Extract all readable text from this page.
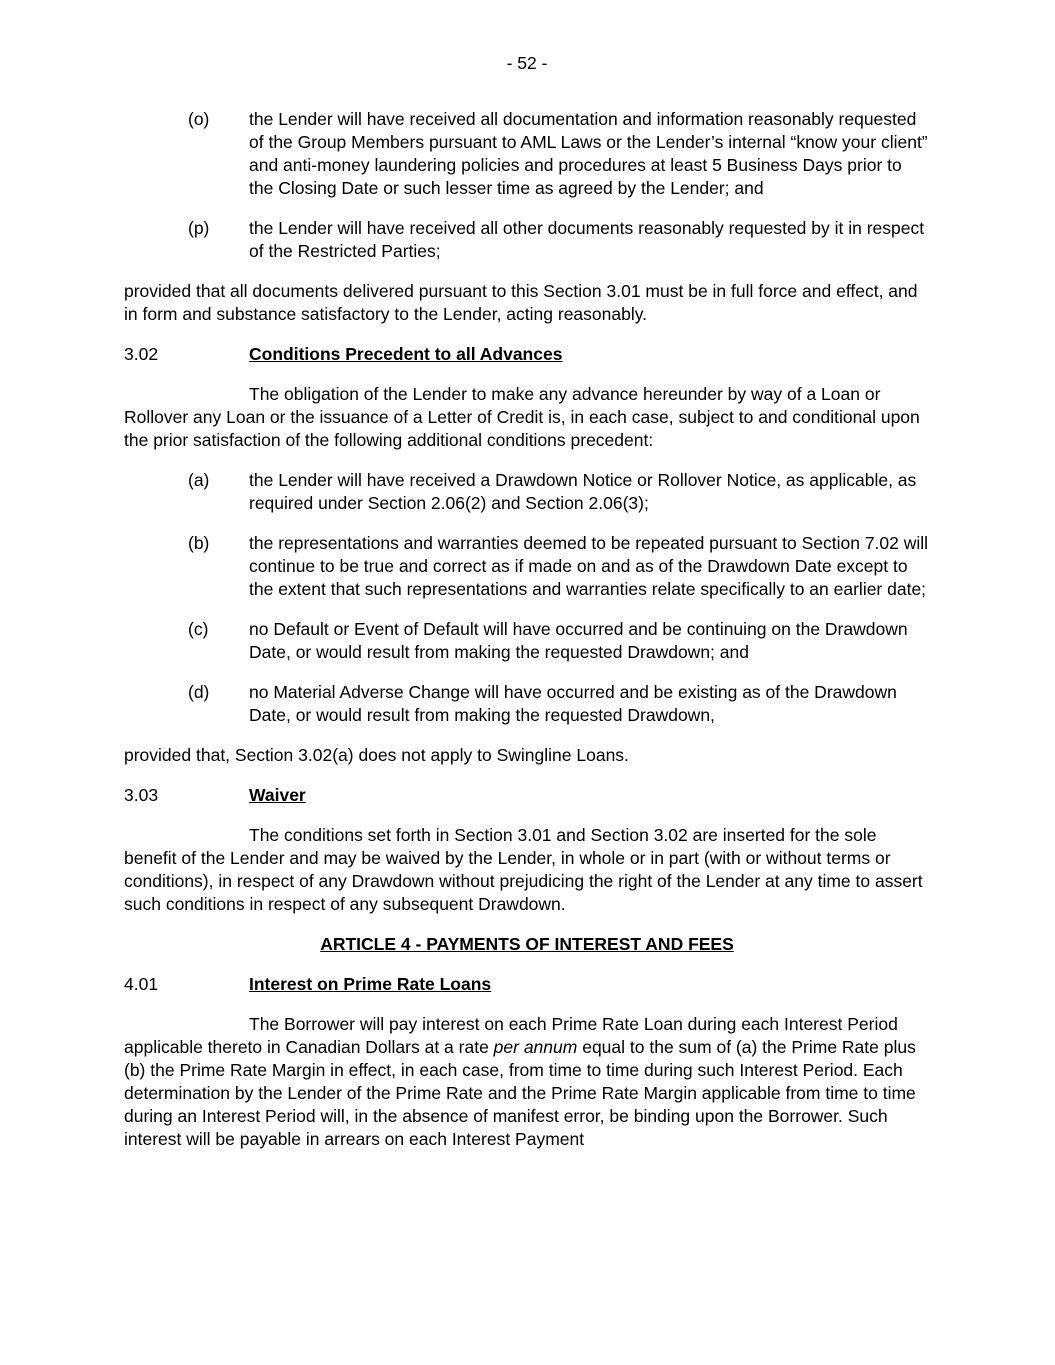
- 52 -
(o)	the Lender will have received all documentation and information reasonably requested of the Group Members pursuant to AML Laws or the Lender’s internal “know your client” and anti-money laundering policies and procedures at least 5 Business Days prior to the Closing Date or such lesser time as agreed by the Lender; and
(p)	the Lender will have received all other documents reasonably requested by it in respect of the Restricted Parties;
provided that all documents delivered pursuant to this Section 3.01 must be in full force and effect, and in form and substance satisfactory to the Lender, acting reasonably.
3.02	Conditions Precedent to all Advances
The obligation of the Lender to make any advance hereunder by way of a Loan or Rollover any Loan or the issuance of a Letter of Credit is, in each case, subject to and conditional upon the prior satisfaction of the following additional conditions precedent:
(a)	the Lender will have received a Drawdown Notice or Rollover Notice, as applicable, as required under Section 2.06(2) and Section 2.06(3);
(b)	the representations and warranties deemed to be repeated pursuant to Section 7.02 will continue to be true and correct as if made on and as of the Drawdown Date except to the extent that such representations and warranties relate specifically to an earlier date;
(c)	no Default or Event of Default will have occurred and be continuing on the Drawdown Date, or would result from making the requested Drawdown; and
(d)	no Material Adverse Change will have occurred and be existing as of the Drawdown Date, or would result from making the requested Drawdown,
provided that, Section 3.02(a) does not apply to Swingline Loans.
3.03	Waiver
The conditions set forth in Section 3.01 and Section 3.02 are inserted for the sole benefit of the Lender and may be waived by the Lender, in whole or in part (with or without terms or conditions), in respect of any Drawdown without prejudicing the right of the Lender at any time to assert such conditions in respect of any subsequent Drawdown.
ARTICLE 4 - PAYMENTS OF INTEREST AND FEES
4.01	Interest on Prime Rate Loans
The Borrower will pay interest on each Prime Rate Loan during each Interest Period applicable thereto in Canadian Dollars at a rate per annum equal to the sum of (a) the Prime Rate plus (b) the Prime Rate Margin in effect, in each case, from time to time during such Interest Period. Each determination by the Lender of the Prime Rate and the Prime Rate Margin applicable from time to time during an Interest Period will, in the absence of manifest error, be binding upon the Borrower. Such interest will be payable in arrears on each Interest Payment
